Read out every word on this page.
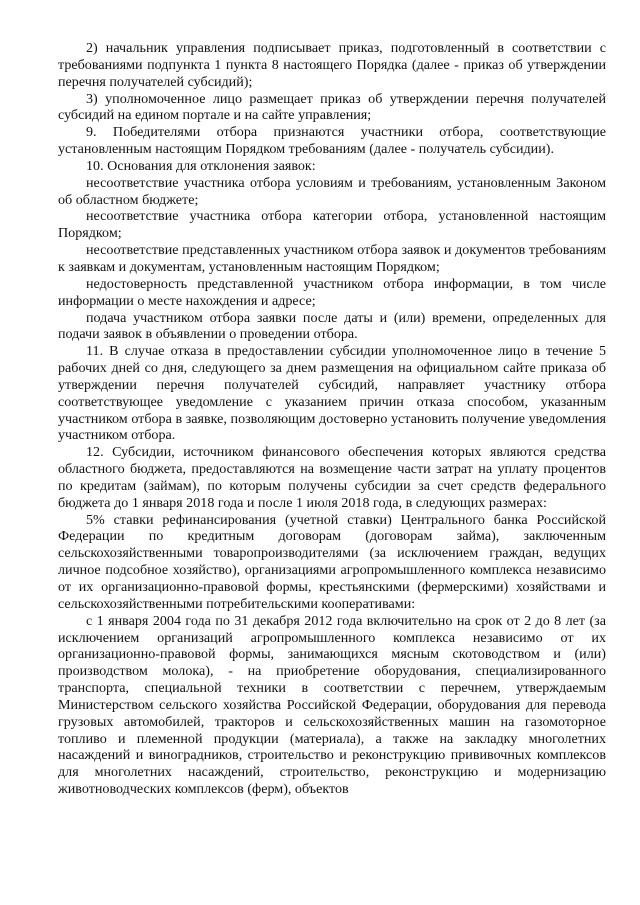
2) начальник управления подписывает приказ, подготовленный в соответствии с требованиями подпункта 1 пункта 8 настоящего Порядка (далее - приказ об утверждении перечня получателей субсидий);

3) уполномоченное лицо размещает приказ об утверждении перечня получателей субсидий на едином портале и на сайте управления;

9. Победителями отбора признаются участники отбора, соответствующие установленным настоящим Порядком требованиям (далее - получатель субсидии).

10. Основания для отклонения заявок:

несоответствие участника отбора условиям и требованиям, установленным Законом об областном бюджете;

несоответствие участника отбора категории отбора, установленной настоящим Порядком;

несоответствие представленных участником отбора заявок и документов требованиям к заявкам и документам, установленным настоящим Порядком;

недостоверность представленной участником отбора информации, в том числе информации о месте нахождения и адресе;

подача участником отбора заявки после даты и (или) времени, определенных для подачи заявок в объявлении о проведении отбора.

11. В случае отказа в предоставлении субсидии уполномоченное лицо в течение 5 рабочих дней со дня, следующего за днем размещения на официальном сайте приказа об утверждении перечня получателей субсидий, направляет участнику отбора соответствующее уведомление с указанием причин отказа способом, указанным участником отбора в заявке, позволяющим достоверно установить получение уведомления участником отбора.

12. Субсидии, источником финансового обеспечения которых являются средства областного бюджета, предоставляются на возмещение части затрат на уплату процентов по кредитам (займам), по которым получены субсидии за счет средств федерального бюджета до 1 января 2018 года и после 1 июля 2018 года, в следующих размерах:

5% ставки рефинансирования (учетной ставки) Центрального банка Российской Федерации по кредитным договорам (договорам займа), заключенным сельскохозяйственными товаропроизводителями (за исключением граждан, ведущих личное подсобное хозяйство), организациями агропромышленного комплекса независимо от их организационно-правовой формы, крестьянскими (фермерскими) хозяйствами и сельскохозяйственными потребительскими кооперативами:

с 1 января 2004 года по 31 декабря 2012 года включительно на срок от 2 до 8 лет (за исключением организаций агропромышленного комплекса независимо от их организационно-правовой формы, занимающихся мясным скотоводством и (или) производством молока), - на приобретение оборудования, специализированного транспорта, специальной техники в соответствии с перечнем, утверждаемым Министерством сельского хозяйства Российской Федерации, оборудования для перевода грузовых автомобилей, тракторов и сельскохозяйственных машин на газомоторное топливо и племенной продукции (материала), а также на закладку многолетних насаждений и виноградников, строительство и реконструкцию прививочных комплексов для многолетних насаждений, строительство, реконструкцию и модернизацию животноводческих комплексов (ферм), объектов
